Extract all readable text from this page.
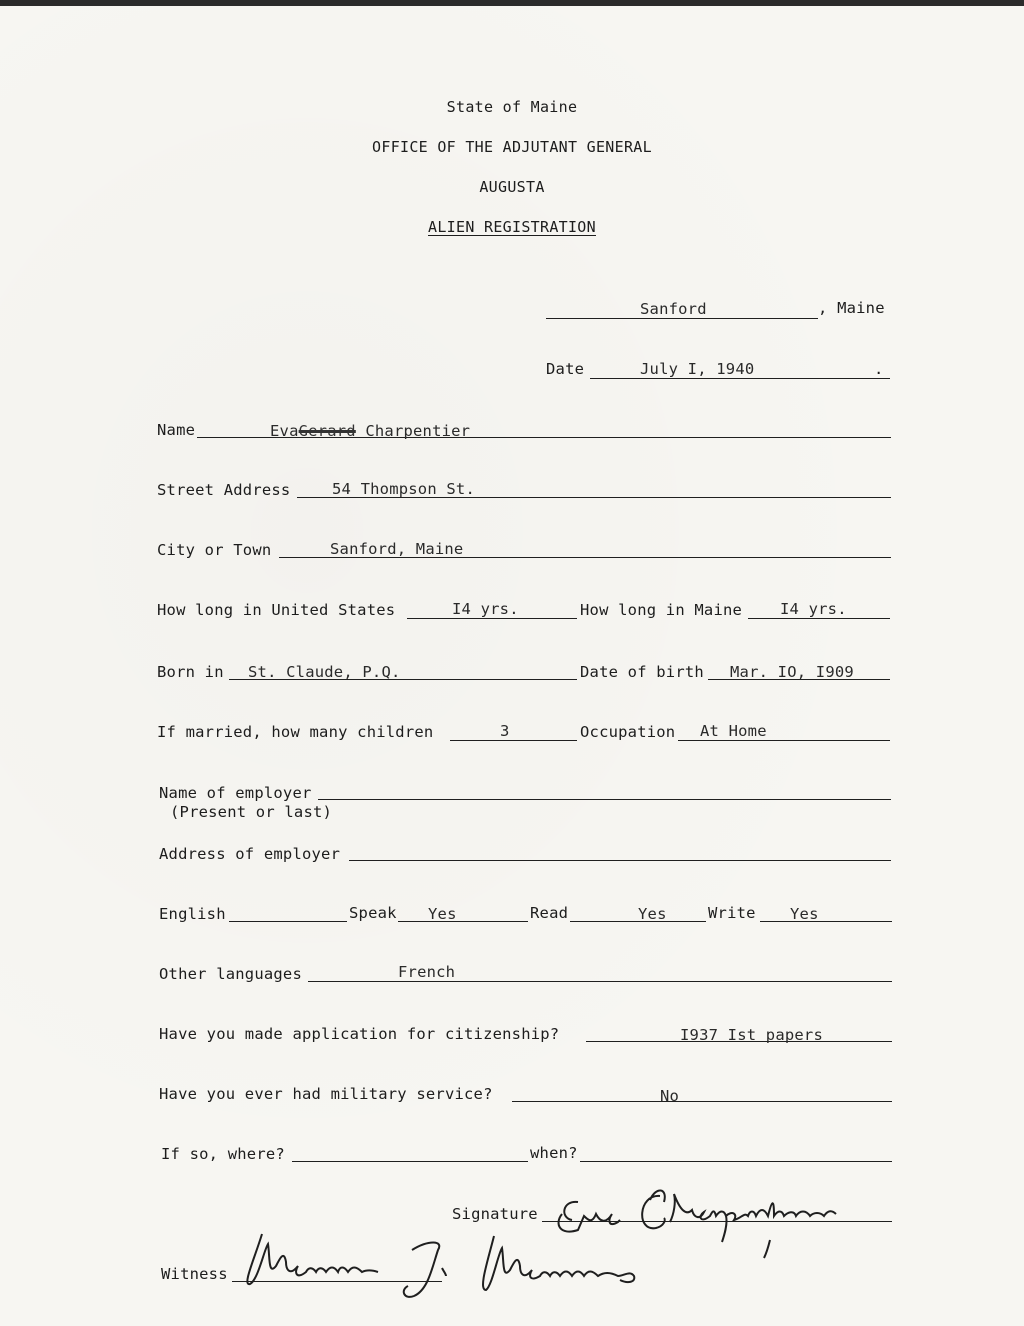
State of Maine
OFFICE OF THE ADJUTANT GENERAL
AUGUSTA
ALIEN REGISTRATION
Sanford	, Maine
Date	July I, 1940	.
Name	EvaGerard Charpentier
Street Address	54 Thompson St.
City or Town	Sanford, Maine
How long in United States	I4 yrs.	How long in Maine I4 yrs.
Born in St. Claude, P.Q.	Date of birth Mar. IO, I909
If married, how many children	3	Occupation At Home
Name of employer
(Present or last)
Address of employer
English	Speak Yes	Read	Yes	Write Yes
Other languages	French
Have you made application for citizenship?	I937 Ist papers
Have you ever had military service?	No
If so, where?	when?
Signature
Witness
